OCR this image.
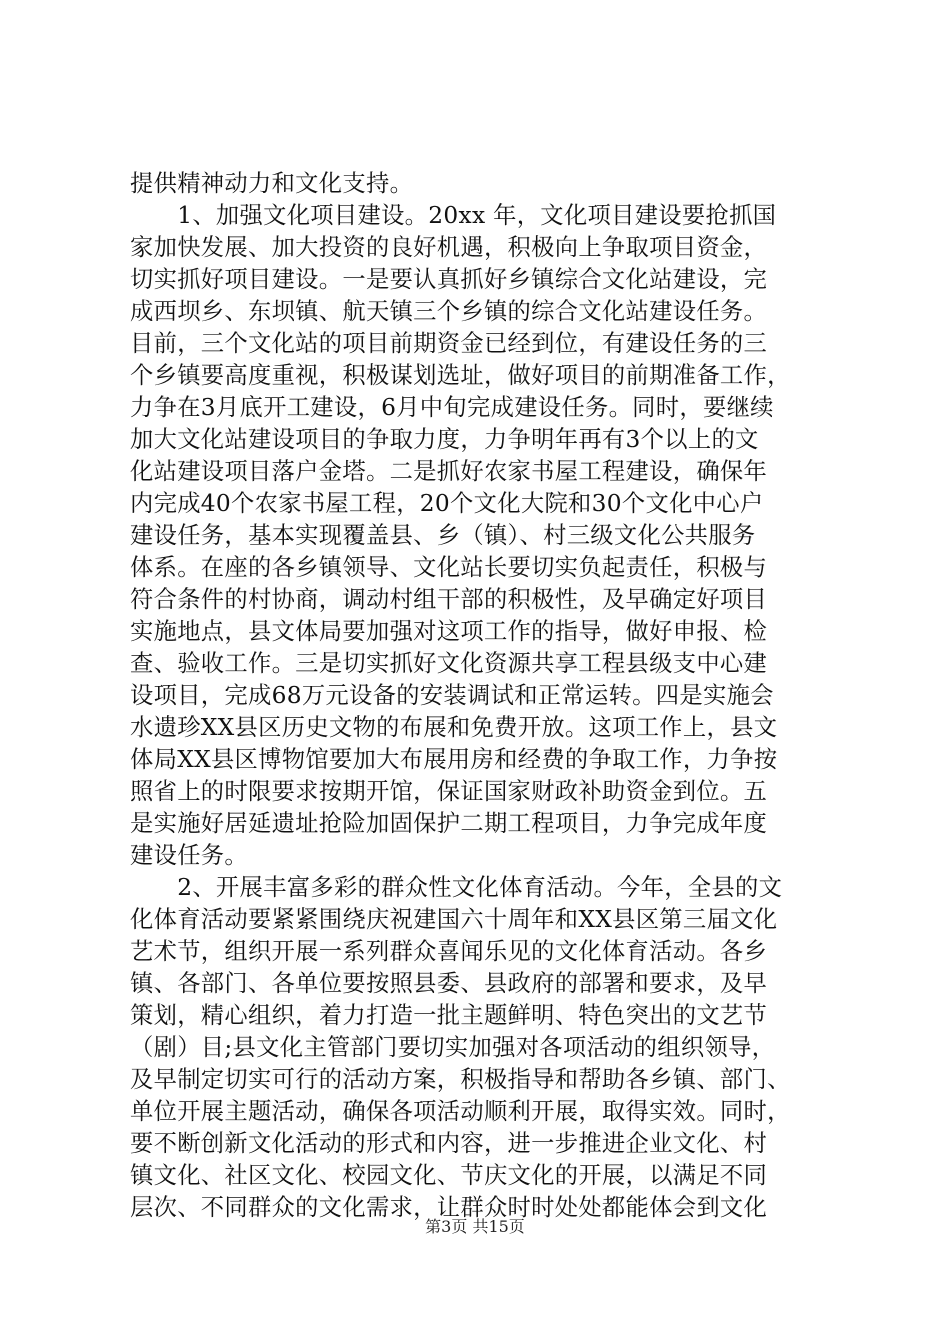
提供精神动力和文化支持。
　　1、加强文化项目建设。20xx 年，文化项目建设要抢抓国
家加快发展、加大投资的良好机遇，积极向上争取项目资金，
切实抓好项目建设。一是要认真抓好乡镇综合文化站建设，完
成西坝乡、东坝镇、航天镇三个乡镇的综合文化站建设任务。
目前，三个文化站的项目前期资金已经到位，有建设任务的三
个乡镇要高度重视，积极谋划选址，做好项目的前期准备工作，
力争在3月底开工建设，6月中旬完成建设任务。同时，要继续
加大文化站建设项目的争取力度，力争明年再有3个以上的文
化站建设项目落户金塔。二是抓好农家书屋工程建设，确保年
内完成40个农家书屋工程，20个文化大院和30个文化中心户
建设任务，基本实现覆盖县、乡（镇）、村三级文化公共服务
体系。在座的各乡镇领导、文化站长要切实负起责任，积极与
符合条件的村协商，调动村组干部的积极性，及早确定好项目
实施地点，县文体局要加强对这项工作的指导，做好申报、检
查、验收工作。三是切实抓好文化资源共享工程县级支中心建
设项目，完成68万元设备的安装调试和正常运转。四是实施会
水遗珍XX县区历史文物的布展和免费开放。这项工作上，县文
体局XX县区博物馆要加大布展用房和经费的争取工作，力争按
照省上的时限要求按期开馆，保证国家财政补助资金到位。五
是实施好居延遗址抢险加固保护二期工程项目，力争完成年度
建设任务。
　　2、开展丰富多彩的群众性文化体育活动。今年，全县的文
化体育活动要紧紧围绕庆祝建国六十周年和XX县区第三届文化
艺术节，组织开展一系列群众喜闻乐见的文化体育活动。各乡
镇、各部门、各单位要按照县委、县政府的部署和要求，及早
策划，精心组织，着力打造一批主题鲜明、特色突出的文艺节
（剧）目;县文化主管部门要切实加强对各项活动的组织领导，
及早制定切实可行的活动方案，积极指导和帮助各乡镇、部门、
单位开展主题活动，确保各项活动顺利开展，取得实效。同时，
要不断创新文化活动的形式和内容，进一步推进企业文化、村
镇文化、社区文化、校园文化、节庆文化的开展，以满足不同
层次、不同群众的文化需求，让群众时时处处都能体会到文化
第3页 共15页
